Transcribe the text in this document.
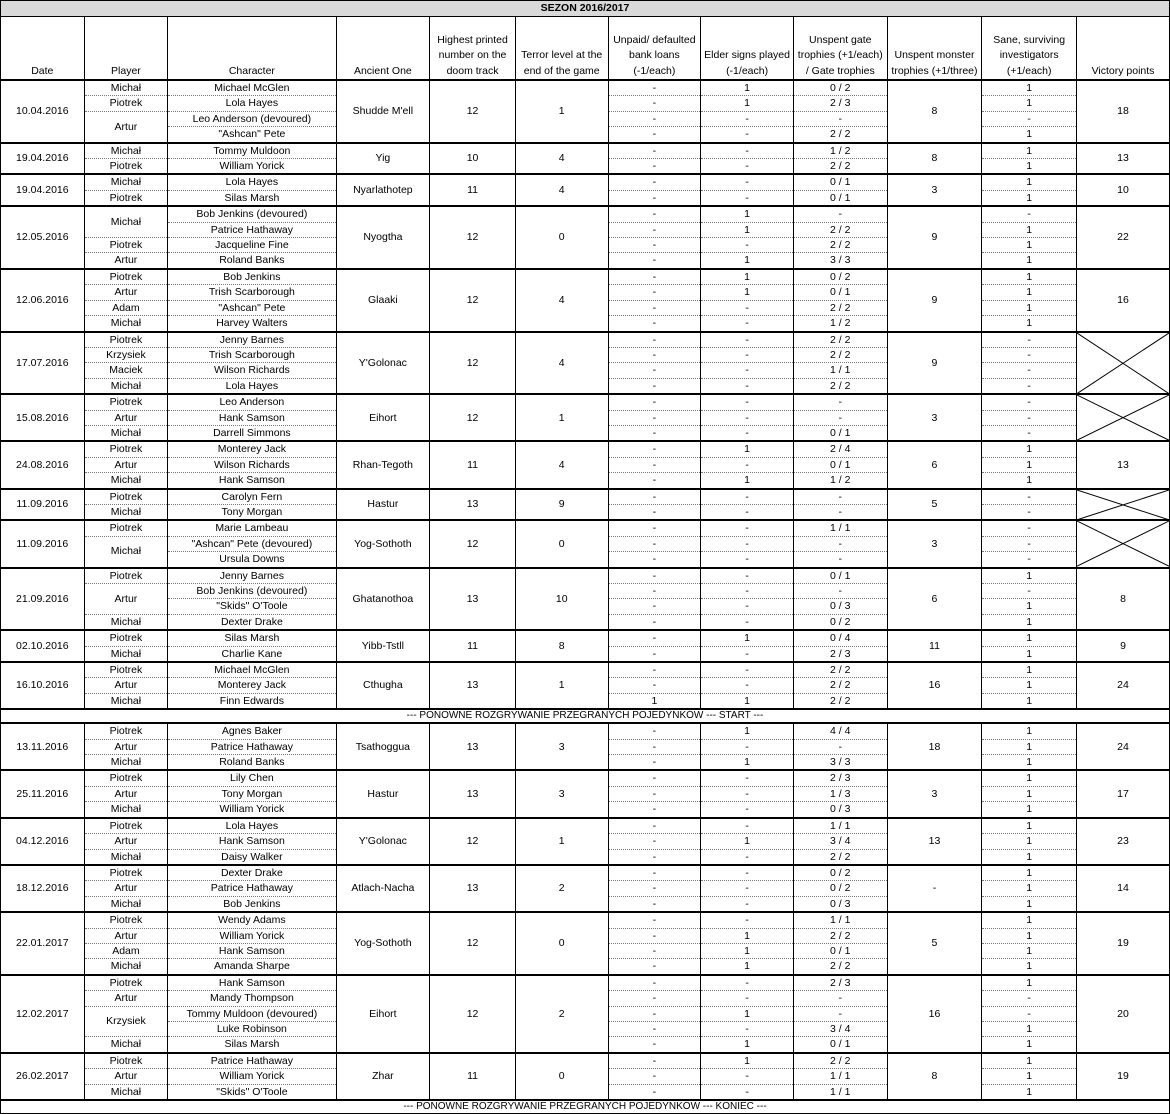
SEZON 2016/2017											
Date	Player	Character	Ancient One	Highest printed number on the doom track	Terror level at the end of the game	Unpaid/ defaulted bank loans (-1/each)	Elder signs played (-1/each)	Unspent gate trophies (+1/each) / Gate trophies	Unspent monster trophies (+1/three)	Sane, surviving investigators (+1/each)	Victory points
10.04.2016	Michał	Michael McGlen	Shudde M'ell	12	1	-	1	0 / 2	8	1	18
	Piotrek	Lola Hayes				-	1	2 / 3		1	
	Artur	Leo Anderson (devoured)				-	-	-		-	
		"Ashcan" Pete				-	-	2 / 2		1	
19.04.2016	Michał	Tommy Muldoon	Yig	10	4	-	-	1 / 2	8	1	13
	Piotrek	William Yorick				-	-	2 / 2		1	
19.04.2016	Michał	Lola Hayes	Nyarlathotep	11	4	-	-	0 / 1	3	1	10
	Piotrek	Silas Marsh				-	-	0 / 1		1	
12.05.2016	Michał	Bob Jenkins (devoured)	Nyogtha	12	0	-	1	-	9	-	22
		Patrice Hathaway				-	1	2 / 2		1	
	Piotrek	Jacqueline Fine				-	-	2 / 2		1	
	Artur	Roland Banks				-	1	3 / 3		1	
12.06.2016	Piotrek	Bob Jenkins	Glaaki	12	4	-	1	0 / 2	9	1	16
	Artur	Trish Scarborough				-	1	0 / 1		1	
	Adam	"Ashcan" Pete				-	-	2 / 2		1	
	Michał	Harvey Walters				-	-	1 / 2		1	
17.07.2016	Piotrek	Jenny Barnes	Y'Golonac	12	4	-	-	2 / 2	9	-	

	Krzysiek	Trish Scarborough				-	-	2 / 2		-	
	Maciek	Wilson Richards				-	-	1 / 1		-	
	Michał	Lola Hayes				-	-	2 / 2		-	
15.08.2016	Piotrek	Leo Anderson	Eihort	12	1	-	-	-	3	-	

	Artur	Hank Samson				-	-	-		-	
	Michał	Darrell Simmons				-	-	0 / 1		-	
24.08.2016	Piotrek	Monterey Jack	Rhan-Tegoth	11	4	-	1	2 / 4	6	1	13
	Artur	Wilson Richards				-	-	0 / 1		1	
	Michał	Hank Samson				-	1	1 / 2		1	
11.09.2016	Piotrek	Carolyn Fern	Hastur	13	9	-	-	-	5	-	

	Michał	Tony Morgan				-	-	-		-	
11.09.2016	Piotrek	Marie Lambeau	Yog-Sothoth	12	0	-	-	1 / 1	3	-	

	Michał	"Ashcan" Pete (devoured)				-	-	-		-	
		Ursula Downs				-	-	-		-	
21.09.2016	Piotrek	Jenny Barnes	Ghatanothoa	13	10	-	-	0 / 1	6	1	8
	Artur	Bob Jenkins (devoured)				-	-	-		-	
		"Skids" O'Toole				-	-	0 / 3		1	
	Michał	Dexter Drake				-	-	0 / 2		1	
02.10.2016	Piotrek	Silas Marsh	Yibb-Tstll	11	8	-	1	0 / 4	11	1	9
	Michał	Charlie Kane				-	-	2 / 3		1	
16.10.2016	Piotrek	Michael McGlen	Cthugha	13	1	-	-	2 / 2	16	1	24
	Artur	Monterey Jack				-	-	2 / 2		1	
	Michał	Finn Edwards				1	1	2 / 2		1	
--- PONOWNE ROZGRYWANIE PRZEGRANYCH POJEDYNKÓW --- START ---											
13.11.2016	Piotrek	Agnes Baker	Tsathoggua	13	3	-	1	4 / 4	18	1	24
	Artur	Patrice Hathaway				-	-	-		1	
	Michał	Roland Banks				-	1	3 / 3		1	
25.11.2016	Piotrek	Lily Chen	Hastur	13	3	-	-	2 / 3	3	1	17
	Artur	Tony Morgan				-	-	1 / 3		1	
	Michał	William Yorick				-	-	0 / 3		1	
04.12.2016	Piotrek	Lola Hayes	Y'Golonac	12	1	-	-	1 / 1	13	1	23
	Artur	Hank Samson				-	1	3 / 4		1	
	Michał	Daisy Walker				-	-	2 / 2		1	
18.12.2016	Piotrek	Dexter Drake	Atlach-Nacha	13	2	-	-	0 / 2	-	1	14
	Artur	Patrice Hathaway				-	-	0 / 2		1	
	Michał	Bob Jenkins				-	-	0 / 3		1	
22.01.2017	Piotrek	Wendy Adams	Yog-Sothoth	12	0	-	-	1 / 1	5	1	19
	Artur	William Yorick				-	1	2 / 2		1	
	Adam	Hank Samson				-	1	0 / 1		1	
	Michał	Amanda Sharpe				-	1	2 / 2		1	
12.02.2017	Piotrek	Hank Samson	Eihort	12	2	-	-	2 / 3	16	1	20
	Artur	Mandy Thompson				-	-	-		-	
	Krzysiek	Tommy Muldoon (devoured)				-	1	-		-	
		Luke Robinson				-	-	3 / 4		1	
	Michał	Silas Marsh				-	1	0 / 1		1	
26.02.2017	Piotrek	Patrice Hathaway	Zhar	11	0	-	1	2 / 2	8	1	19
	Artur	William Yorick				-	-	1 / 1		1	
	Michał	"Skids" O'Toole				-	-	1 / 1		1	
--- PONOWNE ROZGRYWANIE PRZEGRANYCH POJEDYNKÓW --- KONIEC ---											
